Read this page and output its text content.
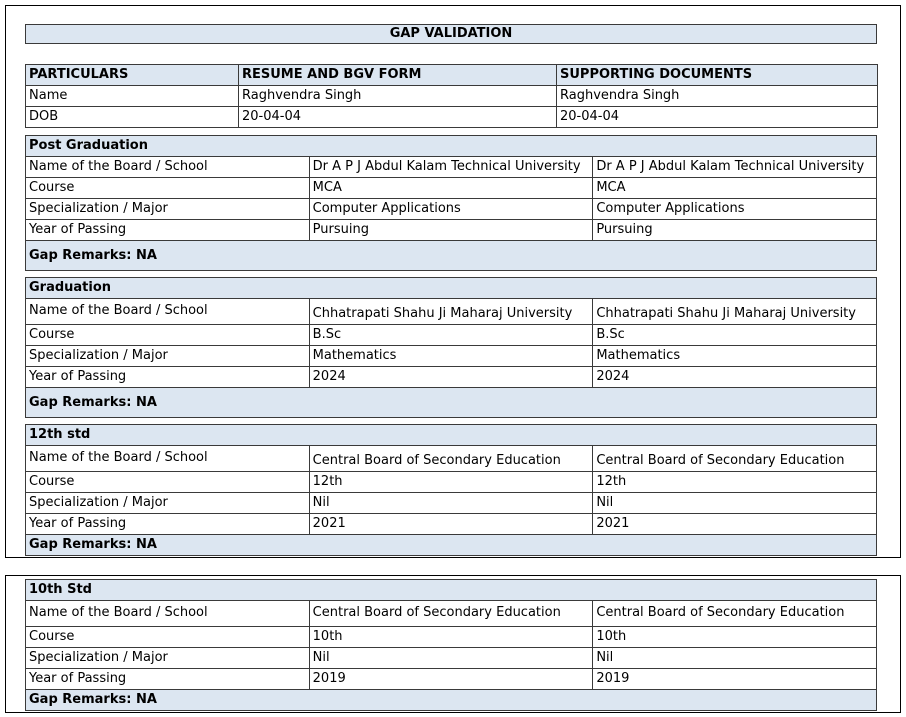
GAP VALIDATION
PARTICULARS	RESUME AND BGV FORM	SUPPORTING DOCUMENTS
Name	Raghvendra Singh	Raghvendra Singh
DOB	20-04-04	20-04-04
Post Graduation		
Name of the Board / School	Dr A P J Abdul Kalam Technical University	Dr A P J Abdul Kalam Technical University
Course	MCA	MCA
Specialization / Major	Computer Applications	Computer Applications
Year of Passing	Pursuing	Pursuing
Gap Remarks: NA		
Graduation		
Name of the Board / School	Chhatrapati Shahu Ji Maharaj University	Chhatrapati Shahu Ji Maharaj University
Course	B.Sc	B.Sc
Specialization / Major	Mathematics	Mathematics
Year of Passing	2024	2024
Gap Remarks: NA		
12th std		
Name of the Board / School	Central Board of Secondary Education	Central Board of Secondary Education
Course	12th	12th
Specialization / Major	Nil	Nil
Year of Passing	2021	2021
Gap Remarks: NA		
10th Std		
Name of the Board / School	Central Board of Secondary Education	Central Board of Secondary Education
Course	10th	10th
Specialization / Major	Nil	Nil
Year of Passing	2019	2019
Gap Remarks: NA		
